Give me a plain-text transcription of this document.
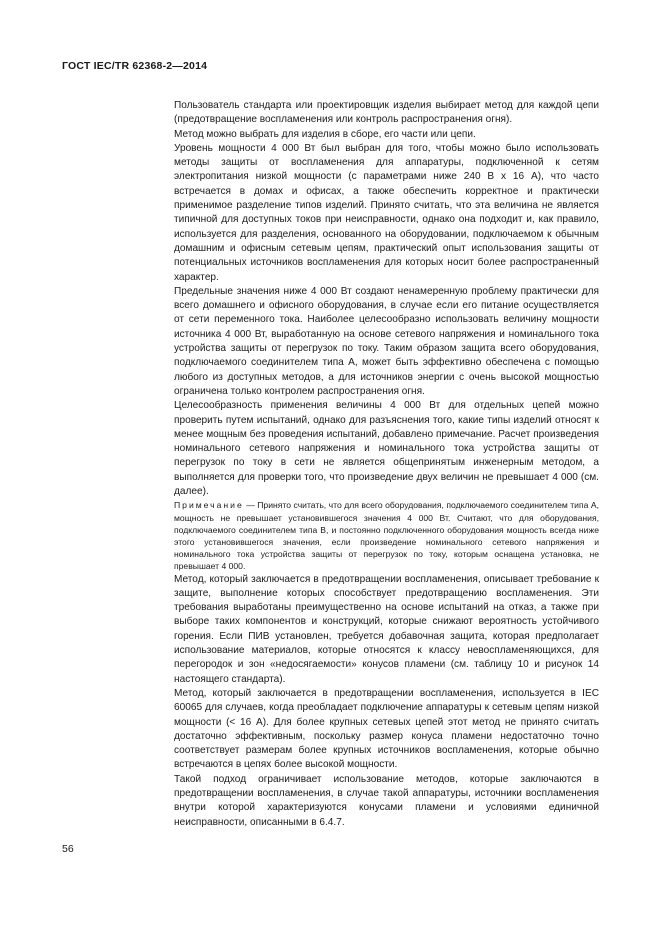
ГОСТ IEC/TR 62368-2—2014

Пользователь стандарта или проектировщик изделия выбирает метод для каждой цепи (предотвращение воспламенения или контроль распространения огня).

Метод можно выбрать для изделия в сборе, его части или цепи.

Уровень мощности 4 000 Вт был выбран для того, чтобы можно было использовать методы защиты от воспламенения для аппаратуры, подключенной к сетям электропитания низкой мощности (с параметрами ниже 240 В x 16 А), что часто встречается в домах и офисах, а также обеспечить корректное и практически применимое разделение типов изделий. Принято считать, что эта величина не является типичной для доступных токов при неисправности, однако она подходит и, как правило, используется для разделения, основанного на оборудовании, подключаемом к обычным домашним и офисным сетевым цепям, практический опыт использования защиты от потенциальных источников воспламенения для которых носит более распространенный характер.

Предельные значения ниже 4 000 Вт создают ненамеренную проблему практически для всего домашнего и офисного оборудования, в случае если его питание осуществляется от сети переменного тока. Наиболее целесообразно использовать величину мощности источника 4 000 Вт, выработанную на основе сетевого напряжения и номинального тока устройства защиты от перегрузок по току. Таким образом защита всего оборудования, подключаемого соединителем типа А, может быть эффективно обеспечена с помощью любого из доступных методов, а для источников энергии с очень высокой мощностью ограничена только контролем распространения огня.

Целесообразность применения величины 4 000 Вт для отдельных цепей можно проверить путем испытаний, однако для разъяснения того, какие типы изделий относят к менее мощным без проведения испытаний, добавлено примечание. Расчет произведения номинального сетевого напряжения и номинального тока устройства защиты от перегрузок по току в сети не является общепринятым инженерным методом, а выполняется для проверки того, что произведение двух величин не превышает 4 000 (см. далее).

Примечание — Принято считать, что для всего оборудования, подключаемого соединителем типа А, мощность не превышает установившегося значения 4 000 Вт. Считают, что для оборудования, подключаемого соединителем типа В, и постоянно подключенного оборудования мощность всегда ниже этого установившегося значения, если произведение номинального сетевого напряжения и номинального тока устройства защиты от перегрузок по току, которым оснащена установка, не превышает 4 000.

Метод, который заключается в предотвращении воспламенения, описывает требование к защите, выполнение которых способствует предотвращению воспламенения. Эти требования выработаны преимущественно на основе испытаний на отказ, а также при выборе таких компонентов и конструкций, которые снижают вероятность устойчивого горения. Если ПИВ установлен, требуется добавочная защита, которая предполагает использование материалов, которые относятся к классу невоспламеняющихся, для перегородок и зон «недосягаемости» конусов пламени (см. таблицу 10 и рисунок 14 настоящего стандарта).

Метод, который заключается в предотвращении воспламенения, используется в IEC 60065 для случаев, когда преобладает подключение аппаратуры к сетевым цепям низкой мощности (< 16 А). Для более крупных сетевых цепей этот метод не принято считать достаточно эффективным, поскольку размер конуса пламени недостаточно точно соответствует размерам более крупных источников воспламенения, которые обычно встречаются в цепях более высокой мощности.

Такой подход ограничивает использование методов, которые заключаются в предотвращении воспламенения, в случае такой аппаратуры, источники воспламенения внутри которой характеризуются конусами пламени и условиями единичной неисправности, описанными в 6.4.7.

56
